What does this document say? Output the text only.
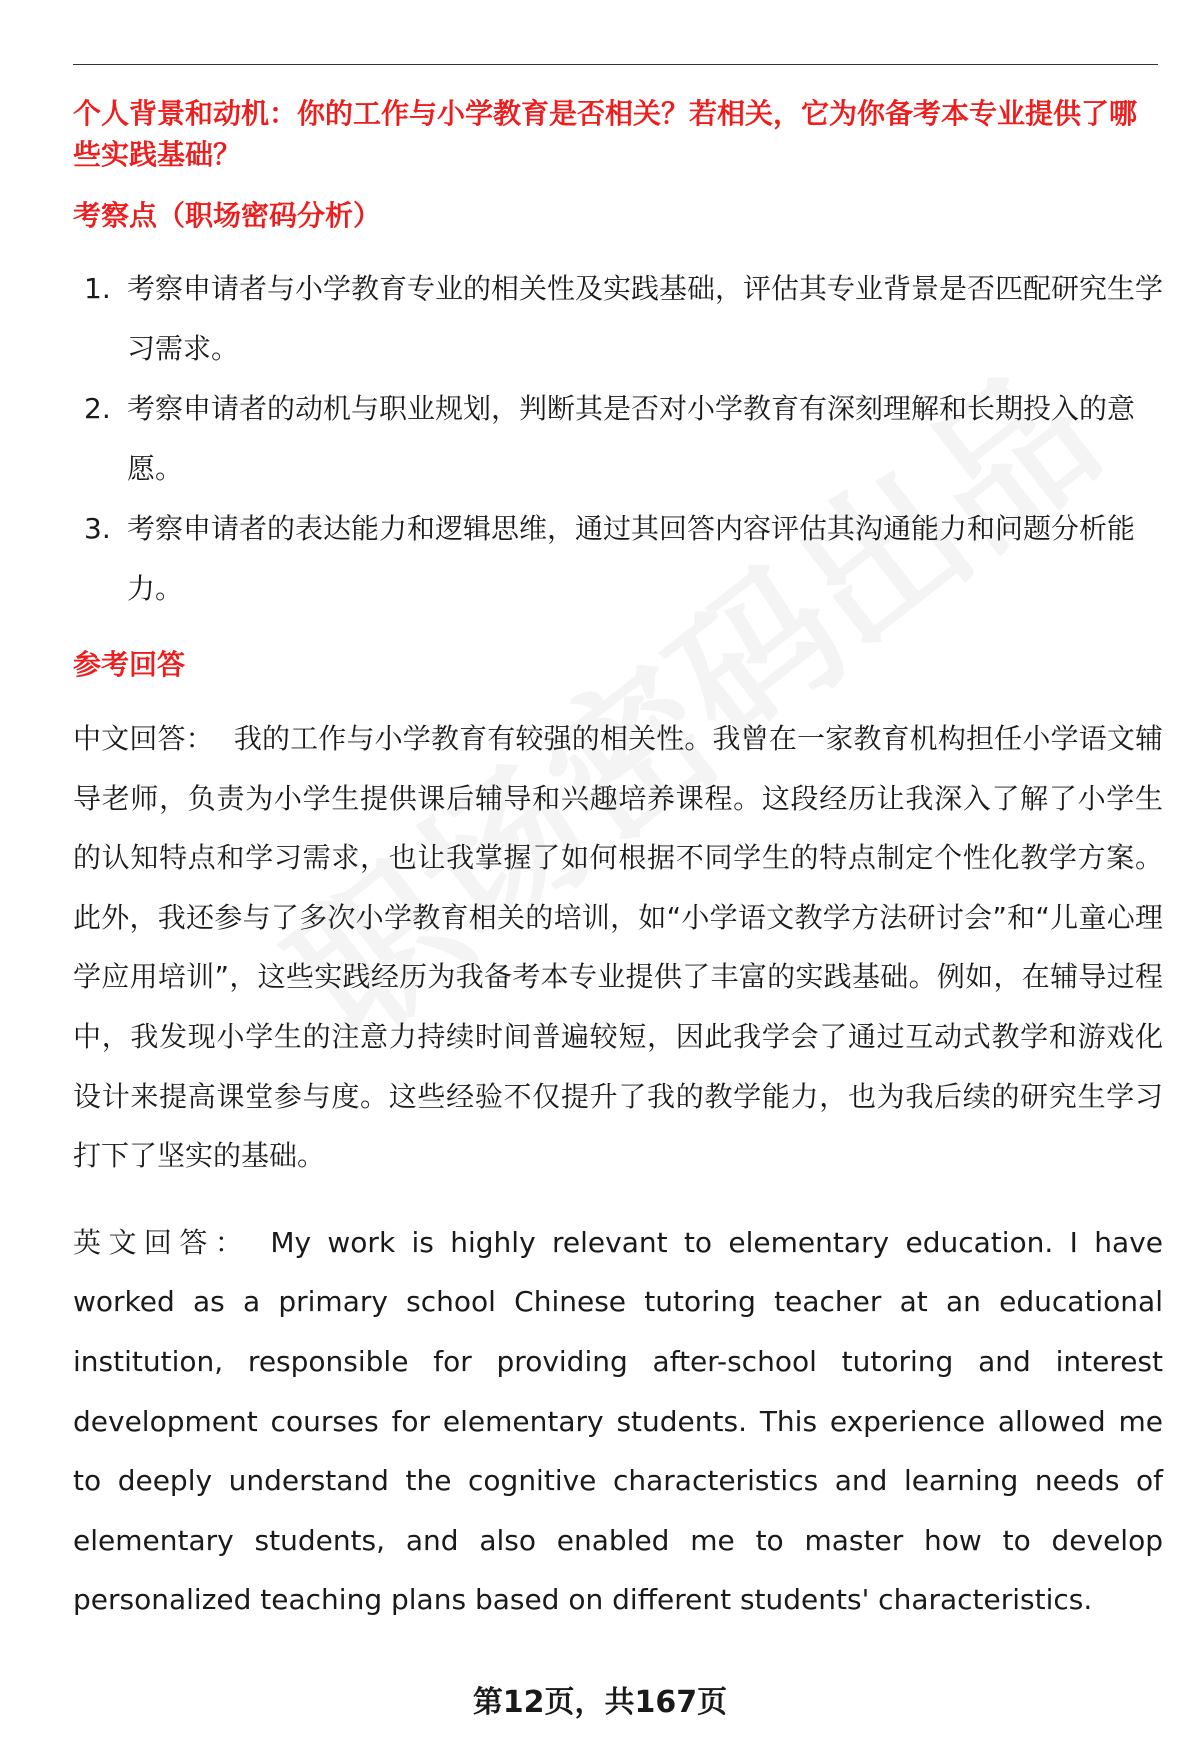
个人背景和动机：你的工作与小学教育是否相关？若相关，它为你备考本专业提供了哪些实践基础？

考察点（职场密码分析）

1. 考察申请者与小学教育专业的相关性及实践基础，评估其专业背景是否匹配研究生学习需求。
2. 考察申请者的动机与职业规划，判断其是否对小学教育有深刻理解和长期投入的意愿。
3. 考察申请者的表达能力和逻辑思维，通过其回答内容评估其沟通能力和问题分析能力。

参考回答

中文回答： 我的工作与小学教育有较强的相关性。我曾在一家教育机构担任小学语文辅导老师，负责为小学生提供课后辅导和兴趣培养课程。这段经历让我深入了解了小学生的认知特点和学习需求，也让我掌握了如何根据不同学生的特点制定个性化教学方案。此外，我还参与了多次小学教育相关的培训，如“小学语文教学方法研讨会”和“儿童心理学应用培训”，这些实践经历为我备考本专业提供了丰富的实践基础。例如，在辅导过程中，我发现小学生的注意力持续时间普遍较短，因此我学会了通过互动式教学和游戏化设计来提高课堂参与度。这些经验不仅提升了我的教学能力，也为我后续的研究生学习打下了坚实的基础。

英文回答： My work is highly relevant to elementary education. I have worked as a primary school Chinese tutoring teacher at an educational institution, responsible for providing after-school tutoring and interest development courses for elementary students. This experience allowed me to deeply understand the cognitive characteristics and learning needs of elementary students, and also enabled me to master how to develop personalized teaching plans based on different students' characteristics.

第12页，共167页
